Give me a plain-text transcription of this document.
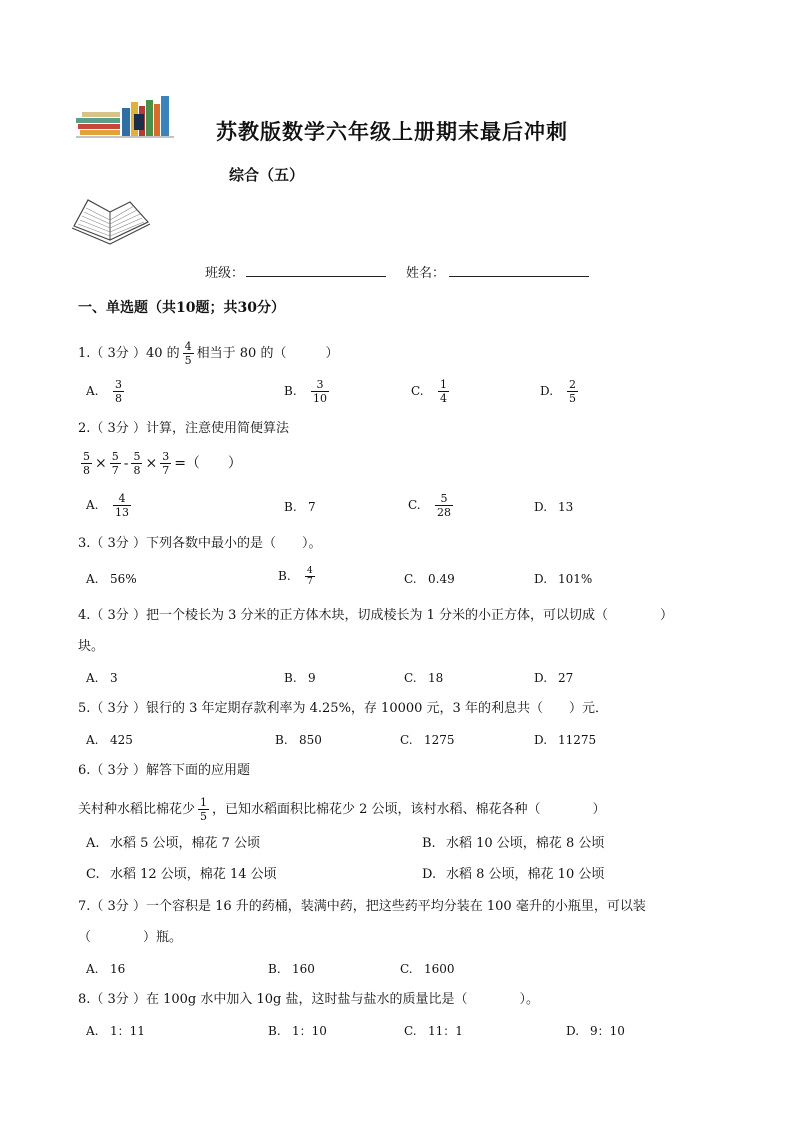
苏教版数学六年级上册期末最后冲刺
综合（五）
班级：	姓名：
一、单选题（共10题；共30分）
1.（ 3分 ）40 的 $\frac{4}{5}$ 相当于 80 的（　　　）
A. $\frac{3}{8}$	B. $\frac{3}{10}$	C. $\frac{1}{4}$	D. $\frac{2}{5}$
2.（ 3分 ）计算，注意使用简便算法
$\frac{5}{8} \times \frac{5}{7} - \frac{5}{8} \times \frac{3}{7}$ =（　　）
A. $\frac{4}{13}$	B. 7	C. $\frac{5}{28}$	D. 13
3.（ 3分 ）下列各数中最小的是（　　）。
A. 56%	B. $\frac{4}{7}$	C. 0.49	D. 101%
4.（ 3分 ）把一个棱长为 3 分米的正方体木块，切成棱长为 1 分米的小正方体，可以切成（　　　　）
块。
A. 3	B. 9	C. 18	D. 27
5.（ 3分 ）银行的 3 年定期存款利率为 4.25%，存 10000 元，3 年的利息共（　　）元．
A. 425	B. 850	C. 1275	D. 11275
6.（ 3分 ）解答下面的应用题
关村种水稻比棉花少 $\frac{1}{5}$ ，已知水稻面积比棉花少 2 公顷，该村水稻、棉花各种（　　　　）
A. 水稻 5 公顷，棉花 7 公顷	B. 水稻 10 公顷，棉花 8 公顷
C. 水稻 12 公顷，棉花 14 公顷	D. 水稻 8 公顷，棉花 10 公顷
7.（ 3分 ）一个容积是 16 升的药桶，装满中药，把这些药平均分装在 100 毫升的小瓶里，可以装
（　　　　）瓶。
A. 16	B. 160	C. 1600
8.（ 3分 ）在 100g 水中加入 10g 盐，这时盐与盐水的质量比是（　　　　）。
A. 1：11	B. 1：10	C. 11：1	D. 9：10
